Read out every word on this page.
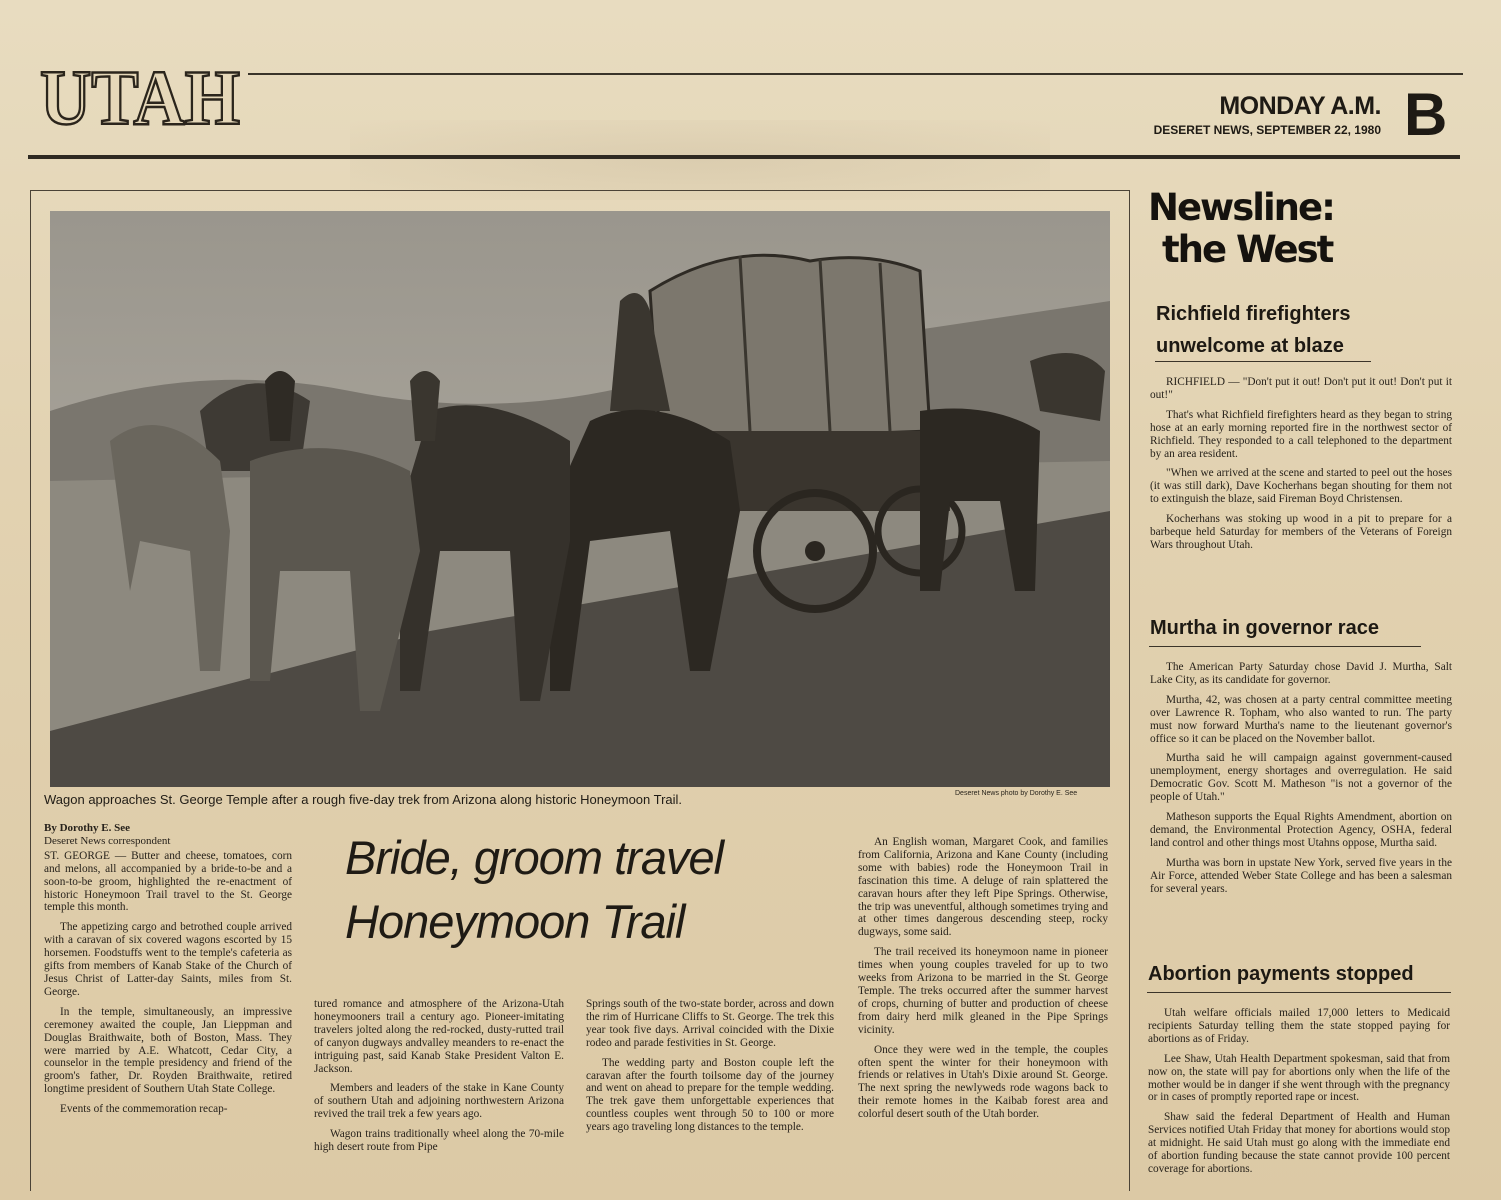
UTAH	MONDAY A.M.
DESERET NEWS, SEPTEMBER 22, 1980 B
Wagon approaches St. George Temple after a rough five-day trek from Arizona along historic Honeymoon Trail.	Deseret News photo by Dorothy E. See
Bride, groom travel
Honeymoon Trail
By Dorothy E. See
Deseret News correspondent

ST. GEORGE — Butter and cheese, tomatoes, corn and melons, all accompanied by a bride-to-be and a soon-to-be groom, highlighted the re-enactment of historic Honeymoon Trail travel to the St. George temple this month.

The appetizing cargo and betrothed couple arrived with a caravan of six covered wagons escorted by 15 horsemen. Foodstuffs went to the temple's cafeteria as gifts from members of Kanab Stake of the Church of Jesus Christ of Latter-day Saints, miles from St. George.

In the temple, simultaneously, an impressive ceremoney awaited the couple, Jan Lieppman and Douglas Braithwaite, both of Boston, Mass. They were married by A.E. Whatcott, Cedar City, a counselor in the temple presidency and friend of the groom's father, Dr. Royden Braithwaite, retired longtime president of Southern Utah State College.

Events of the commemoration recap-

tured romance and atmosphere of the Arizona-Utah honeymooners trail a century ago. Pioneer-imitating travelers jolted along the red-rocked, dusty-rutted trail of canyon dugways andvalley meanders to re-enact the intriguing past, said Kanab Stake President Valton E. Jackson.

Members and leaders of the stake in Kane County of southern Utah and adjoining northwestern Arizona revived the trail trek a few years ago.

Wagon trains traditionally wheel along the 70-mile high desert route from Pipe

Springs south of the two-state border, across and down the rim of Hurricane Cliffs to St. George. The trek this year took five days. Arrival coincided with the Dixie rodeo and parade festivities in St. George.

The wedding party and Boston couple left the caravan after the fourth toilsome day of the journey and went on ahead to prepare for the temple wedding. The trek gave them unforgettable experiences that countless couples went through 50 to 100 or more years ago traveling long distances to the temple.

An English woman, Margaret Cook, and families from California, Arizona and Kane County (including some with babies) rode the Honeymoon Trail in fascination this time. A deluge of rain splattered the caravan hours after they left Pipe Springs. Otherwise, the trip was uneventful, although sometimes trying and at other times dangerous descending steep, rocky dugways, some said.

The trail received its honeymoon name in pioneer times when young couples traveled for up to two weeks from Arizona to be married in the St. George Temple. The treks occurred after the summer harvest of crops, churning of butter and production of cheese from dairy herd milk gleaned in the Pipe Springs vicinity.

Once they were wed in the temple, the couples often spent the winter for their honeymoon with friends or relatives in Utah's Dixie around St. George. The next spring the newlyweds rode wagons back to their remote homes in the Kaibab forest area and colorful desert south of the Utah border.

Newsline:
the West
Richfield firefighters
unwelcome at blaze

RICHFIELD — "Don't put it out! Don't put it out! Don't put it out!"

That's what Richfield firefighters heard as they began to string hose at an early morning reported fire in the northwest sector of Richfield. They responded to a call telephoned to the department by an area resident.

"When we arrived at the scene and started to peel out the hoses (it was still dark), Dave Kocherhans began shouting for them not to extinguish the blaze, said Fireman Boyd Christensen.

Kocherhans was stoking up wood in a pit to prepare for a barbeque held Saturday for members of the Veterans of Foreign Wars throughout Utah.

Murtha in governor race

The American Party Saturday chose David J. Murtha, Salt Lake City, as its candidate for governor.

Murtha, 42, was chosen at a party central committee meeting over Lawrence R. Topham, who also wanted to run. The party must now forward Murtha's name to the lieutenant governor's office so it can be placed on the November ballot.

Murtha said he will campaign against government-caused unemployment, energy shortages and overregulation. He said Democratic Gov. Scott M. Matheson "is not a governor of the people of Utah."

Matheson supports the Equal Rights Amendment, abortion on demand, the Environmental Protection Agency, OSHA, federal land control and other things most Utahns oppose, Murtha said.

Murtha was born in upstate New York, served five years in the Air Force, attended Weber State College and has been a salesman for several years.

Abortion payments stopped

Utah welfare officials mailed 17,000 letters to Medicaid recipients Saturday telling them the state stopped paying for abortions as of Friday.

Lee Shaw, Utah Health Department spokesman, said that from now on, the state will pay for abortions only when the life of the mother would be in danger if she went through with the pregnancy or in cases of promptly reported rape or incest.

Shaw said the federal Department of Health and Human Services notified Utah Friday that money for abortions would stop at midnight. He said Utah must go along with the immediate end of abortion funding because the state cannot provide 100 percent coverage for abortions.
